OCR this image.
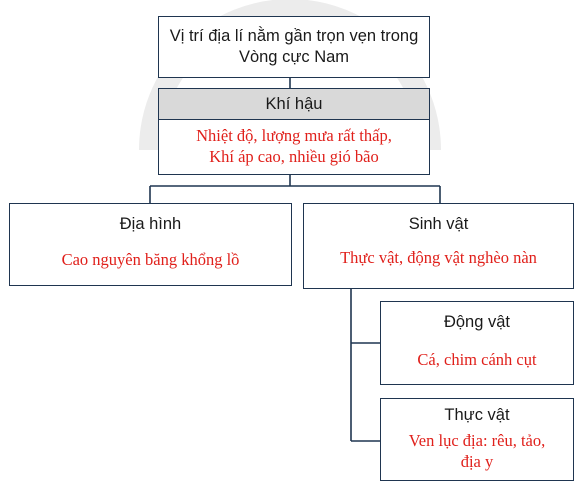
Vị trí địa lí nằm gần trọn vẹn trong Vòng cực Nam
Khí hậu
Nhiệt độ, lượng mưa rất thấp,
Khí áp cao, nhiều gió bão
Địa hình
Cao nguyên băng khổng lồ
Sinh vật
Thực vật, động vật nghèo nàn
Động vật
Cá, chim cánh cụt
Thực vật
Ven lục địa: rêu, tảo,
địa y
